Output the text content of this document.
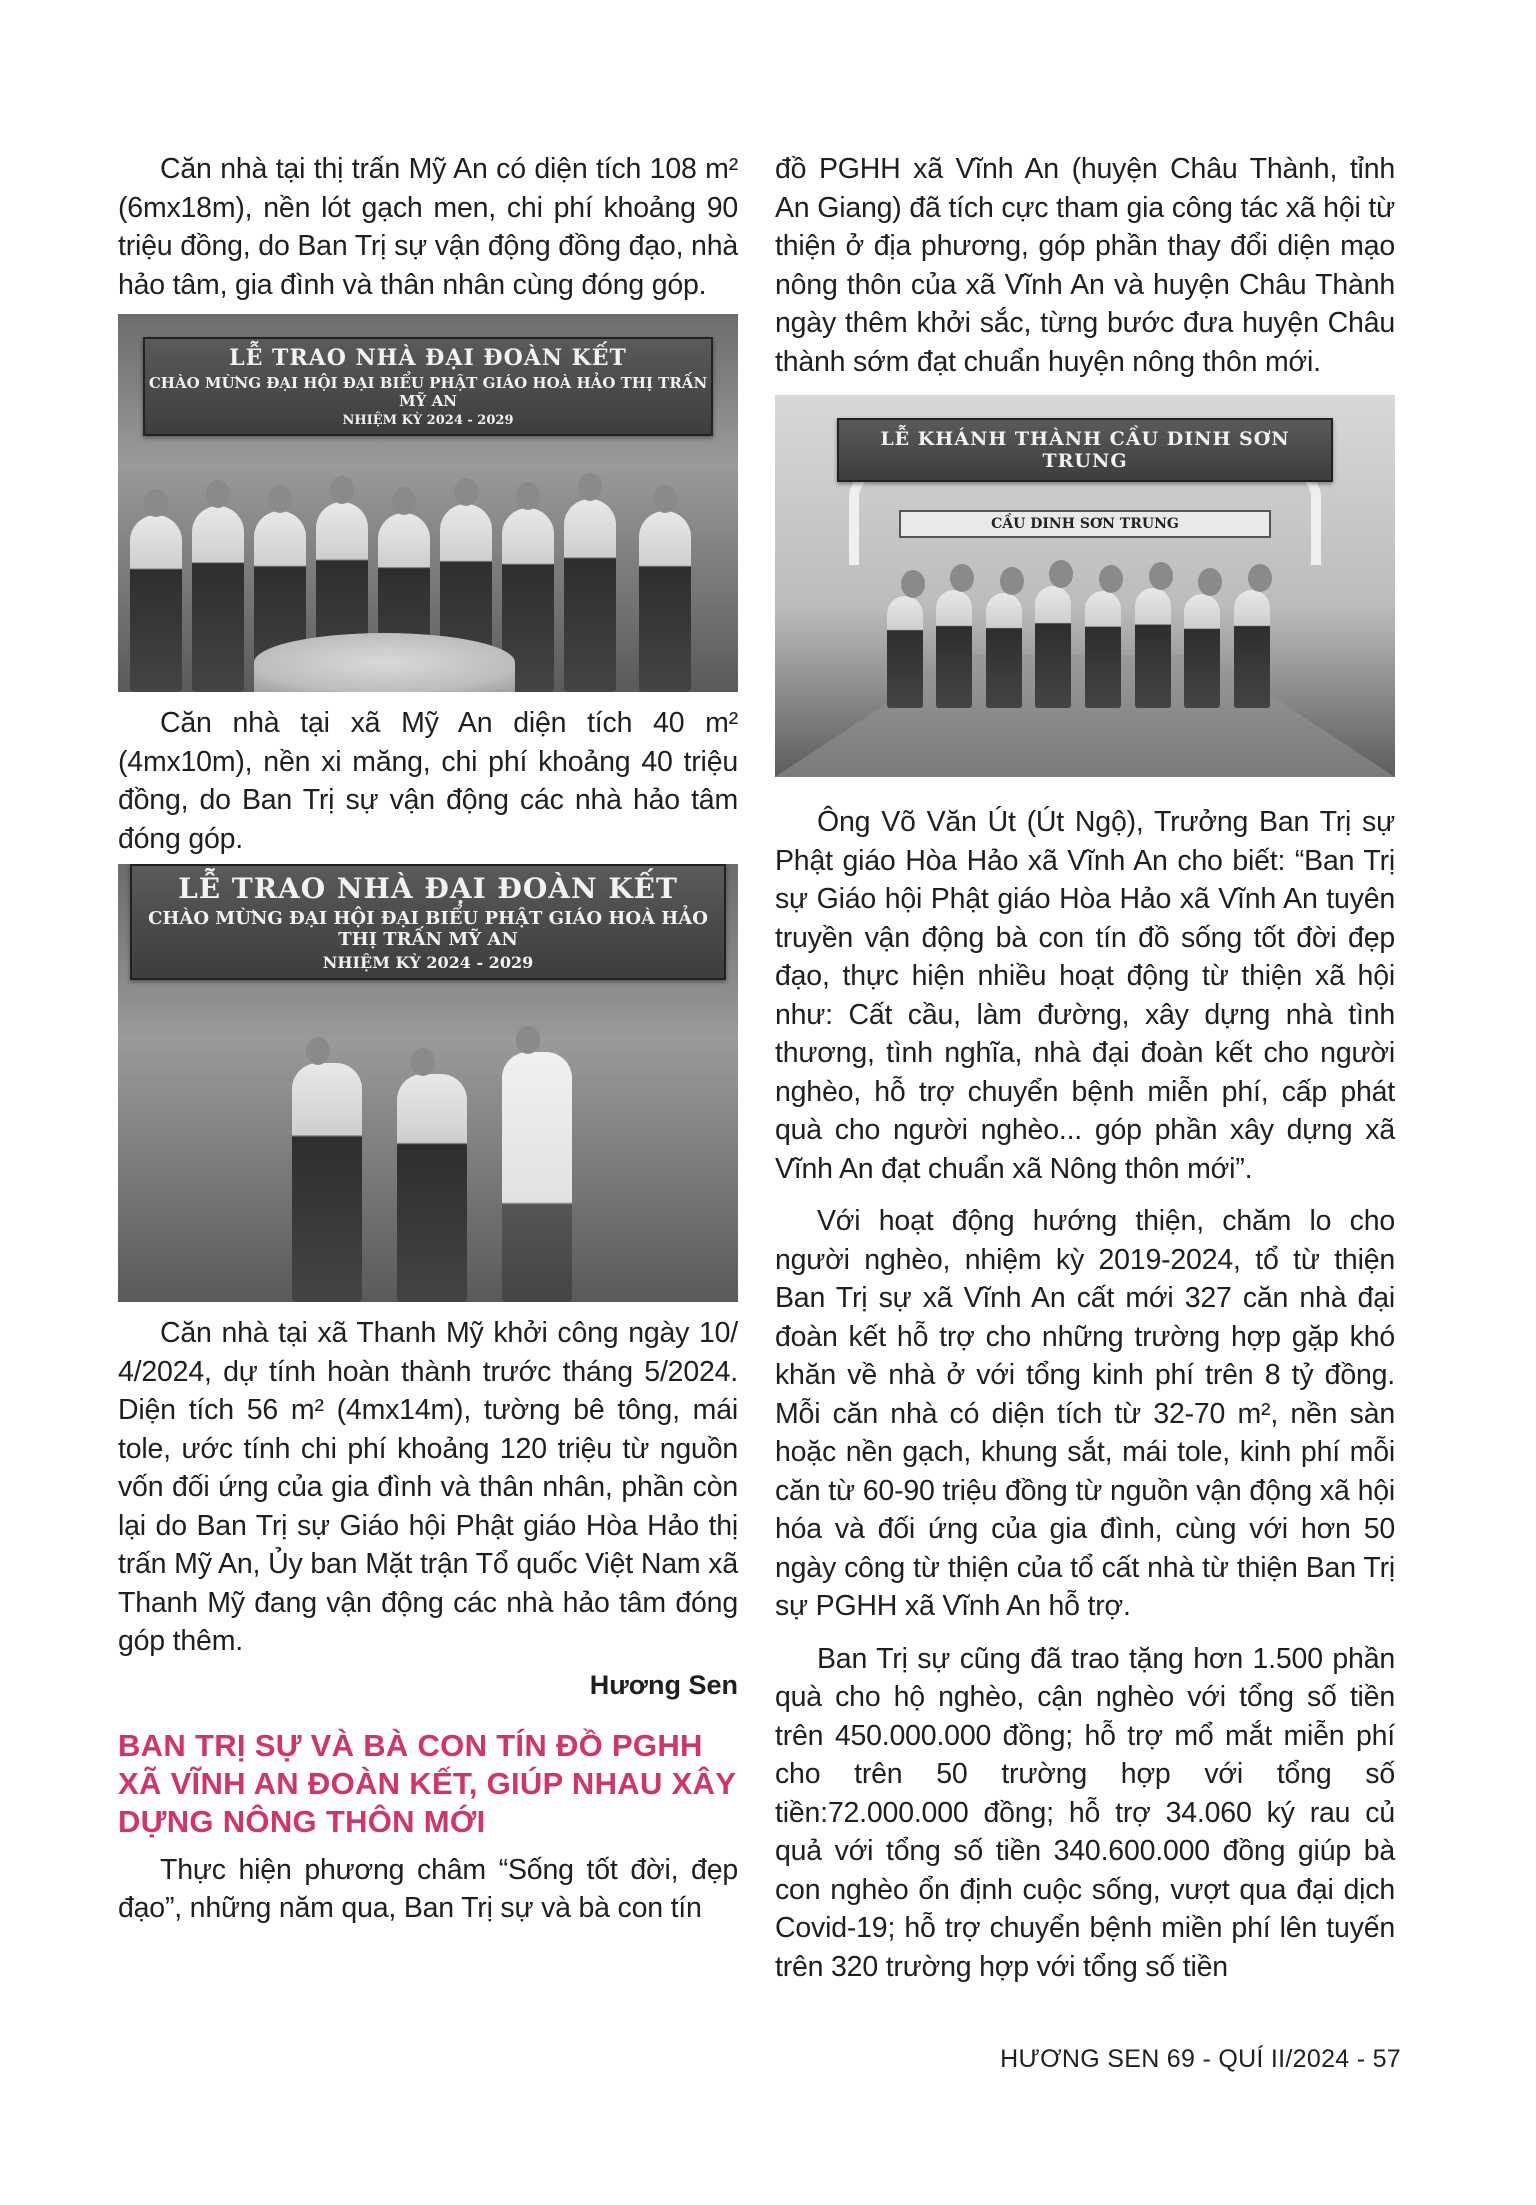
Căn nhà tại thị trấn Mỹ An có diện tích 108 m² (6mx18m), nền lót gạch men, chi phí khoảng 90 triệu đồng, do Ban Trị sự vận động đồng đạo, nhà hảo tâm, gia đình và thân nhân cùng đóng góp.

LỄ TRAO NHÀ ĐẠI ĐOÀN KẾT
CHÀO MỪNG ĐẠI HỘI ĐẠI BIỂU PHẬT GIÁO HOÀ HẢO THỊ TRẤN MỸ AN
NHIỆM KỲ 2024 - 2029

Căn nhà tại xã Mỹ An diện tích 40 m² (4mx10m), nền xi măng, chi phí khoảng 40 triệu đồng, do Ban Trị sự vận động các nhà hảo tâm đóng góp.

LỄ TRAO NHÀ ĐẠI ĐOÀN KẾT
CHÀO MỪNG ĐẠI HỘI ĐẠI BIỂU PHẬT GIÁO HOÀ HẢO THỊ TRẤN MỸ AN
NHIỆM KỲ 2024 - 2029

Căn nhà tại xã Thanh Mỹ khởi công ngày 10/ 4/2024, dự tính hoàn thành trước tháng 5/2024. Diện tích 56 m² (4mx14m), tường bê tông, mái tole, ước tính chi phí khoảng 120 triệu từ nguồn vốn đối ứng của gia đình và thân nhân, phần còn lại do Ban Trị sự Giáo hội Phật giáo Hòa Hảo thị trấn Mỹ An, Ủy ban Mặt trận Tổ quốc Việt Nam xã Thanh Mỹ đang vận động các nhà hảo tâm đóng góp thêm.

Hương Sen
BAN TRỊ SỰ VÀ BÀ CON TÍN ĐỒ PGHH XÃ VĨNH AN ĐOÀN KẾT, GIÚP NHAU XÂY DỰNG NÔNG THÔN MỚI

Thực hiện phương châm “Sống tốt đời, đẹp đạo”, những năm qua, Ban Trị sự và bà con tín

đồ PGHH xã Vĩnh An (huyện Châu Thành, tỉnh An Giang) đã tích cực tham gia công tác xã hội từ thiện ở địa phương, góp phần thay đổi diện mạo nông thôn của xã Vĩnh An và huyện Châu Thành ngày thêm khởi sắc, từng bước đưa huyện Châu thành sớm đạt chuẩn huyện nông thôn mới.

LỄ KHÁNH THÀNH CẦU DINH SƠN TRUNG
CẦU DINH SƠN TRUNG

Ông Võ Văn Út (Út Ngộ), Trưởng Ban Trị sự Phật giáo Hòa Hảo xã Vĩnh An cho biết: “Ban Trị sự Giáo hội Phật giáo Hòa Hảo xã Vĩnh An tuyên truyền vận động bà con tín đồ sống tốt đời đẹp đạo, thực hiện nhiều hoạt động từ thiện xã hội như: Cất cầu, làm đường, xây dựng nhà tình thương, tình nghĩa, nhà đại đoàn kết cho người nghèo, hỗ trợ chuyển bệnh miễn phí, cấp phát quà cho người nghèo... góp phần xây dựng xã Vĩnh An đạt chuẩn xã Nông thôn mới”.

Với hoạt động hướng thiện, chăm lo cho người nghèo, nhiệm kỳ 2019-2024, tổ từ thiện Ban Trị sự xã Vĩnh An cất mới 327 căn nhà đại đoàn kết hỗ trợ cho những trường hợp gặp khó khăn về nhà ở với tổng kinh phí trên 8 tỷ đồng. Mỗi căn nhà có diện tích từ 32-70 m², nền sàn hoặc nền gạch, khung sắt, mái tole, kinh phí mỗi căn từ 60-90 triệu đồng từ nguồn vận động xã hội hóa và đối ứng của gia đình, cùng với hơn 50 ngày công từ thiện của tổ cất nhà từ thiện Ban Trị sự PGHH xã Vĩnh An hỗ trợ.

Ban Trị sự cũng đã trao tặng hơn 1.500 phần quà cho hộ nghèo, cận nghèo với tổng số tiền trên 450.000.000 đồng; hỗ trợ mổ mắt miễn phí cho trên 50 trường hợp với tổng số tiền:72.000.000 đồng; hỗ trợ 34.060 ký rau củ quả với tổng số tiền 340.600.000 đồng giúp bà con nghèo ổn định cuộc sống, vượt qua đại dịch Covid-19; hỗ trợ chuyển bệnh miền phí lên tuyến trên 320 trường hợp với tổng số tiền

HƯƠNG SEN 69 - QUÍ II/2024 - 57
